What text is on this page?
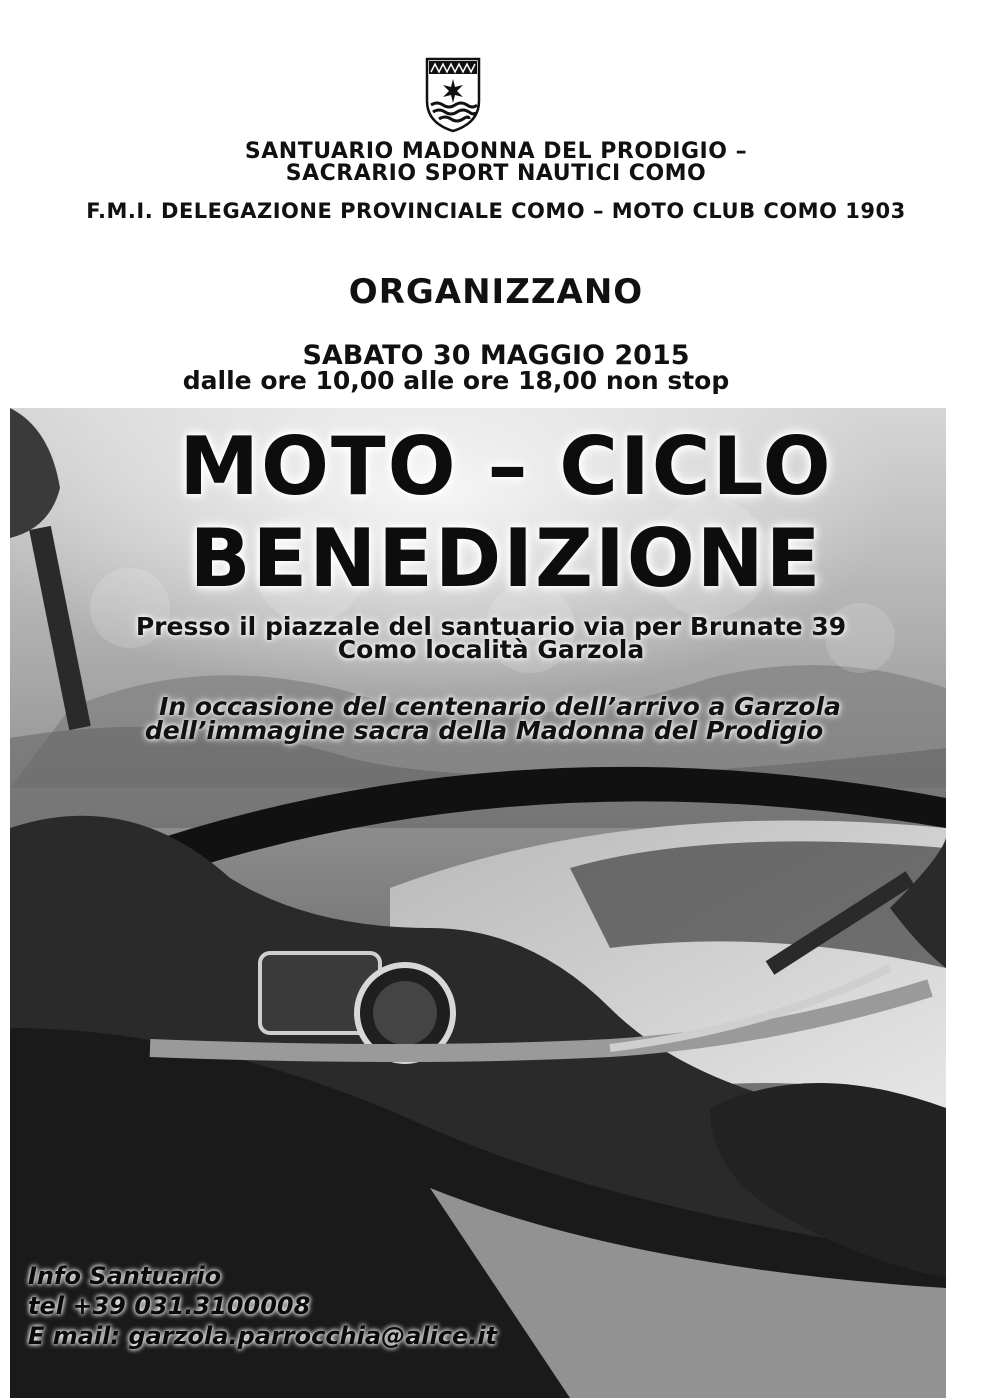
SANTUARIO MADONNA DEL PRODIGIO –
SACRARIO SPORT NAUTICI COMO
F.M.I. DELEGAZIONE PROVINCIALE COMO – MOTO CLUB COMO 1903
ORGANIZZANO
SABATO 30 MAGGIO 2015
dalle ore 10,00 alle ore 18,00 non stop
MOTO – CICLO
BENEDIZIONE
Presso il piazzale del santuario via per Brunate 39
Como località Garzola
In occasione del centenario dell’arrivo a Garzola
dell’immagine sacra della Madonna del Prodigio
Info Santuario
tel +39 031.3100008
E mail: garzola.parrocchia@alice.it
